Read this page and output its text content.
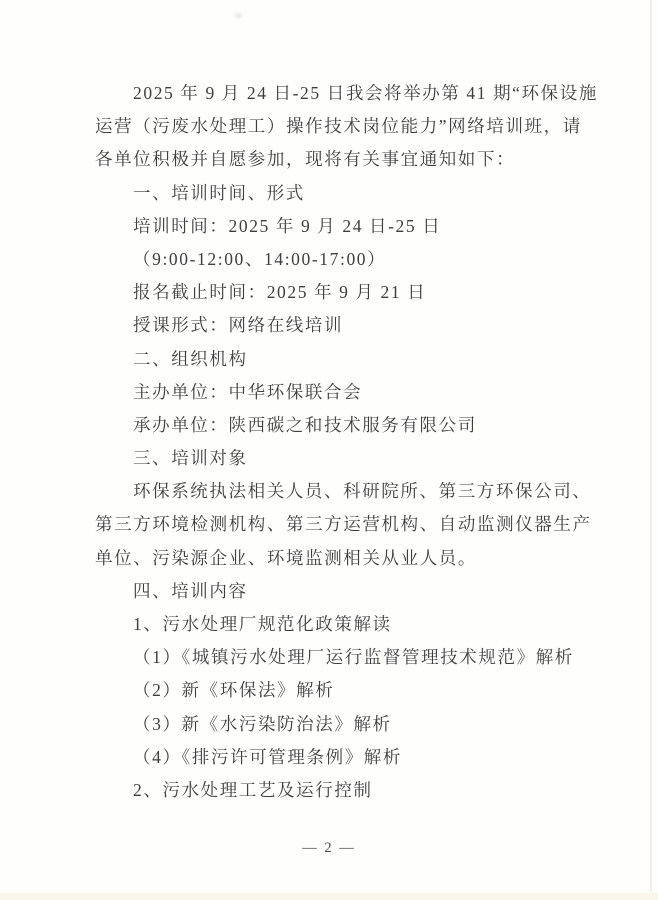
2025 年 9 月 24 日-25 日我会将举办第 41 期“环保设施
运营（污废水处理工）操作技术岗位能力”网络培训班，请
各单位积极并自愿参加，现将有关事宜通知如下：
一、培训时间、形式
培训时间：2025 年 9 月 24 日-25 日
（9:00-12:00、14:00-17:00）
报名截止时间：2025 年 9 月 21 日
授课形式：网络在线培训
二、组织机构
主办单位：中华环保联合会
承办单位：陕西碳之和技术服务有限公司
三、培训对象
环保系统执法相关人员、科研院所、第三方环保公司、
第三方环境检测机构、第三方运营机构、自动监测仪器生产
单位、污染源企业、环境监测相关从业人员。
四、培训内容
1、污水处理厂规范化政策解读
（1）《城镇污水处理厂运行监督管理技术规范》解析
（2）新《环保法》解析
（3）新《水污染防治法》解析
（4）《排污许可管理条例》解析
2、污水处理工艺及运行控制
— 2 —
